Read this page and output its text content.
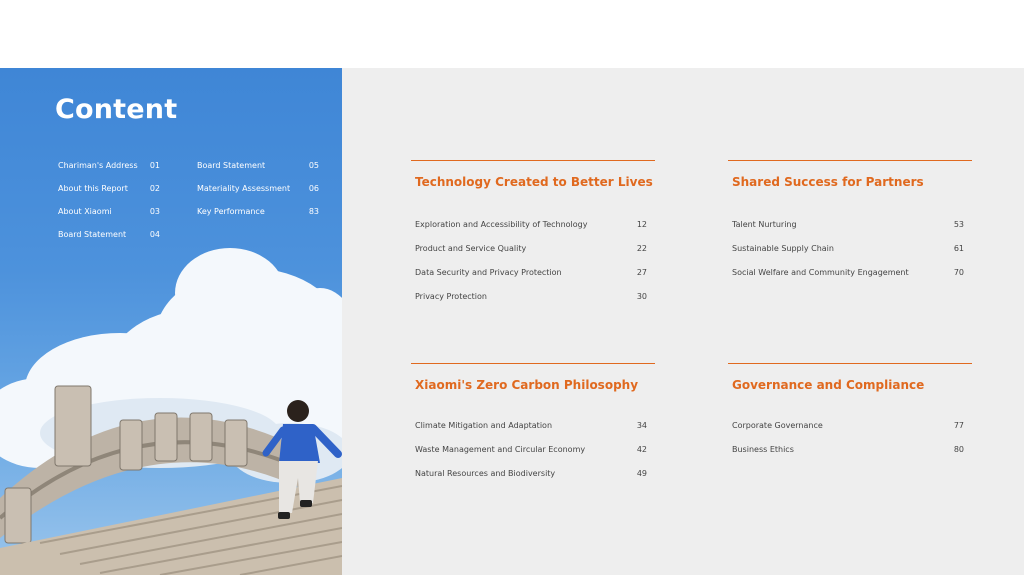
Content
Chariman's Address	01
About this Report	02
About Xiaomi	03
Board Statement	04
Board Statement	05
Materiality Assessment	06
Key Performance	83
Technology Created to Better Lives
Exploration and Accessibility of Technology	12
Product and Service Quality	22
Data Security and Privacy Protection	27
Privacy Protection	30
Shared Success for Partners
Talent Nurturing	53
Sustainable Supply Chain	61
Social Welfare and Community Engagement	70
Xiaomi's Zero Carbon Philosophy
Climate Mitigation and Adaptation	34
Waste Management and Circular Economy	42
Natural Resources and Biodiversity	49
Governance and Compliance
Corporate Governance	77
Business Ethics	80
